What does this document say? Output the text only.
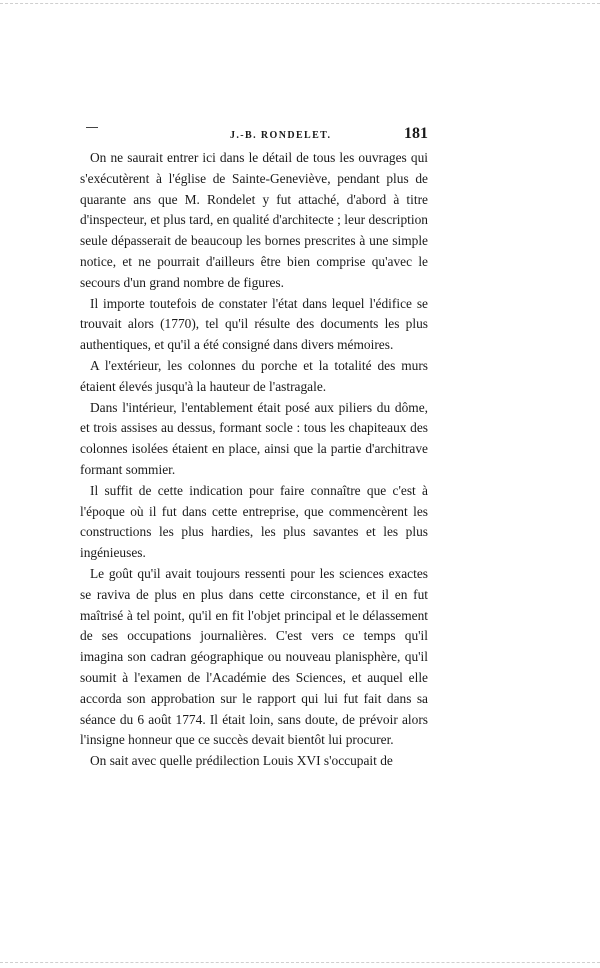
J.-B. RONDELET.	181

On ne saurait entrer ici dans le détail de tous les ouvrages qui s'exécutèrent à l'église de Sainte-Geneviève, pendant plus de quarante ans que M. Rondelet y fut attaché, d'abord à titre d'inspecteur, et plus tard, en qualité d'architecte ; leur description seule dépasserait de beaucoup les bornes prescrites à une simple notice, et ne pourrait d'ailleurs être bien comprise qu'avec le secours d'un grand nombre de figures.

Il importe toutefois de constater l'état dans lequel l'édifice se trouvait alors (1770), tel qu'il résulte des documents les plus authentiques, et qu'il a été consigné dans divers mémoires.

A l'extérieur, les colonnes du porche et la totalité des murs étaient élevés jusqu'à la hauteur de l'astragale.

Dans l'intérieur, l'entablement était posé aux piliers du dôme, et trois assises au dessus, formant socle : tous les chapiteaux des colonnes isolées étaient en place, ainsi que la partie d'architrave formant sommier.

Il suffit de cette indication pour faire connaître que c'est à l'époque où il fut dans cette entreprise, que commencèrent les constructions les plus hardies, les plus savantes et les plus ingénieuses.

Le goût qu'il avait toujours ressenti pour les sciences exactes se raviva de plus en plus dans cette circonstance, et il en fut maîtrisé à tel point, qu'il en fit l'objet principal et le délassement de ses occupations journalières. C'est vers ce temps qu'il imagina son cadran géographique ou nouveau planisphère, qu'il soumit à l'examen de l'Académie des Sciences, et auquel elle accorda son approbation sur le rapport qui lui fut fait dans sa séance du 6 août 1774. Il était loin, sans doute, de prévoir alors l'insigne honneur que ce succès devait bientôt lui procurer.

On sait avec quelle prédilection Louis XVI s'occupait de
